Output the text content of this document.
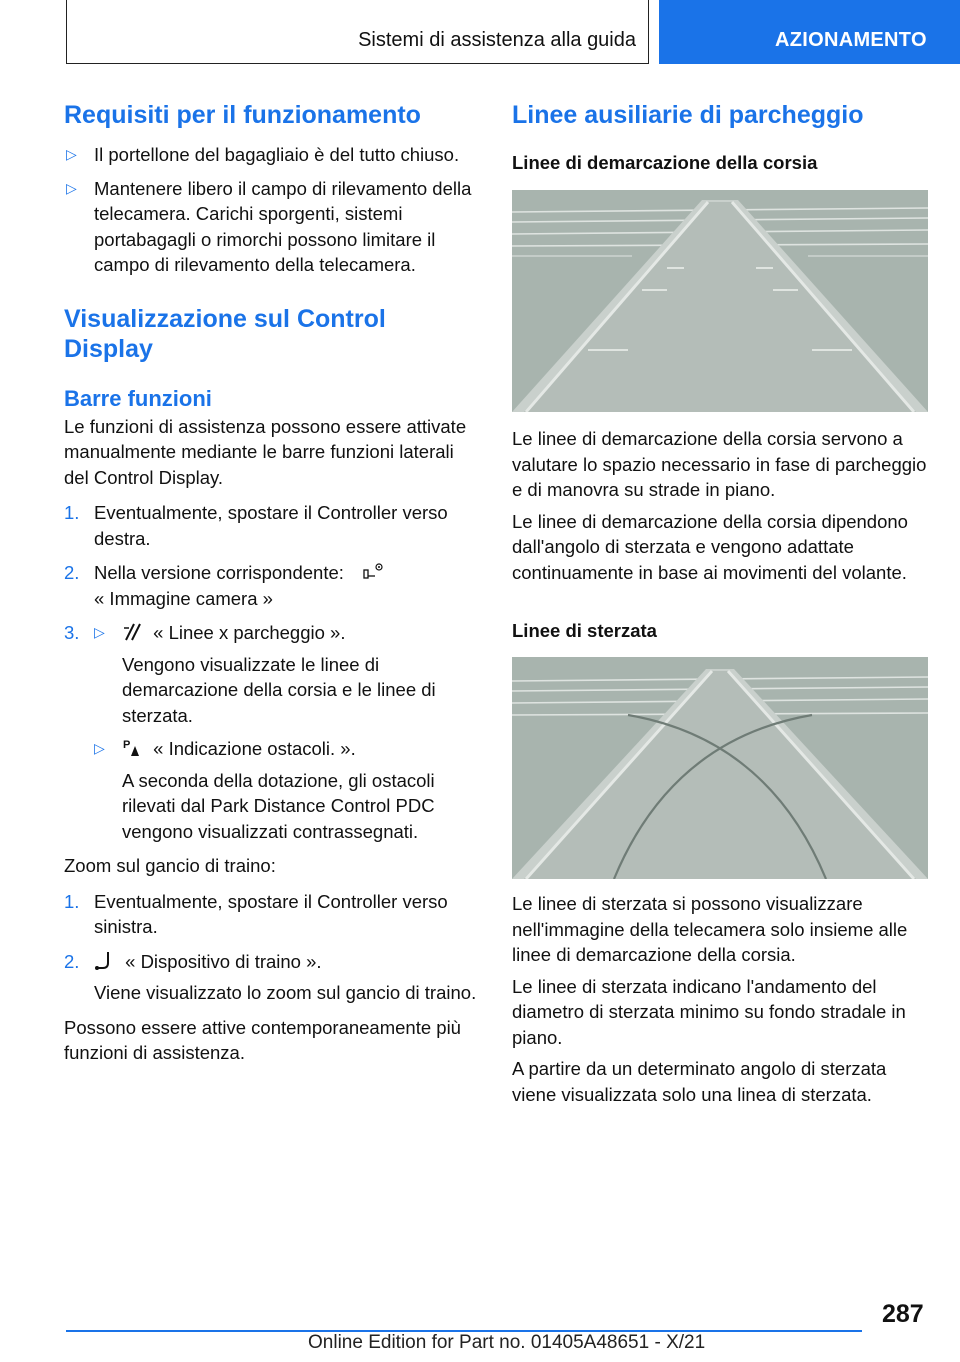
Sistemi di assistenza alla guida	AZIONAMENTO
Requisiti per il funzionamento
▷ Il portellone del bagagliaio è del tutto chiuso.
▷ Mantenere libero il campo di rilevamento della telecamera. Carichi sporgenti, sistemi portabagagli o rimorchi possono limitare il campo di rilevamento della telecamera.
Visualizzazione sul Control Display
Barre funzioni

Le funzioni di assistenza possono essere attivate manualmente mediante le barre funzioni laterali del Control Display.

1. Eventualmente, spostare il Controller verso destra.
2. Nella versione corrispondente:
« Immagine camera »
3. ▷	« Linee x parcheggio ».
Vengono visualizzate le linee di demarcazione della corsia e le linee di sterzata.
▷ P « Indicazione ostacoli. ».
A seconda della dotazione, gli ostacoli rilevati dal Park Distance Control PDC vengono visualizzati contrassegnati.

Zoom sul gancio di traino:

1. Eventualmente, spostare il Controller verso sinistra.
2. « Dispositivo di traino ».
Viene visualizzato lo zoom sul gancio di traino.

Possono essere attive contemporaneamente più funzioni di assistenza.

Linee ausiliarie di parcheggio
Linee di demarcazione della corsia

Le linee di demarcazione della corsia servono a valutare lo spazio necessario in fase di parcheggio e di manovra su strade in piano.

Le linee di demarcazione della corsia dipendono dall'angolo di sterzata e vengono adattate continuamente in base ai movimenti del volante.

Linee di sterzata

Le linee di sterzata si possono visualizzare nell'immagine della telecamera solo insieme alle linee di demarcazione della corsia.

Le linee di sterzata indicano l'andamento del diametro di sterzata minimo su fondo stradale in piano.

A partire da un determinato angolo di sterzata viene visualizzata solo una linea di sterzata.

287
Online Edition for Part no. 01405A48651 - X/21
